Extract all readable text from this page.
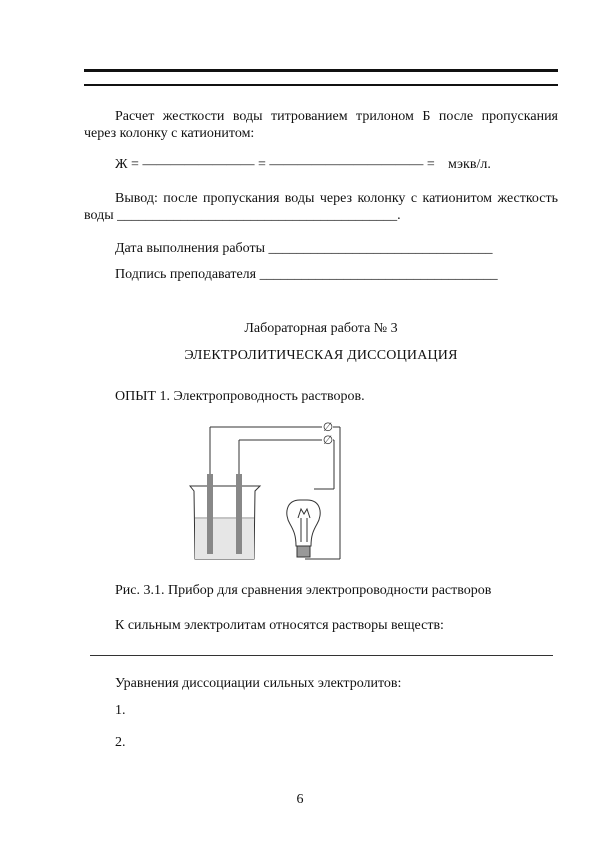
Расчет жесткости воды титрованием трилоном Б после пропускания через колонку с катионитом:
Ж = ———————— = ——————————— = мэкв/л.
Вывод: после пропускания воды через колонку с катионитом жесткость воды ________________________________________.
Дата выполнения работы ________________________________
Подпись преподавателя __________________________________
Лабораторная работа № 3
ЭЛЕКТРОЛИТИЧЕСКАЯ ДИССОЦИАЦИЯ
ОПЫТ 1. Электропроводность растворов.
∅
∅
Рис. 3.1. Прибор для сравнения электропроводности растворов
К сильным электролитам относятся растворы веществ:
Уравнения диссоциации сильных электролитов:
1.
2.
6
